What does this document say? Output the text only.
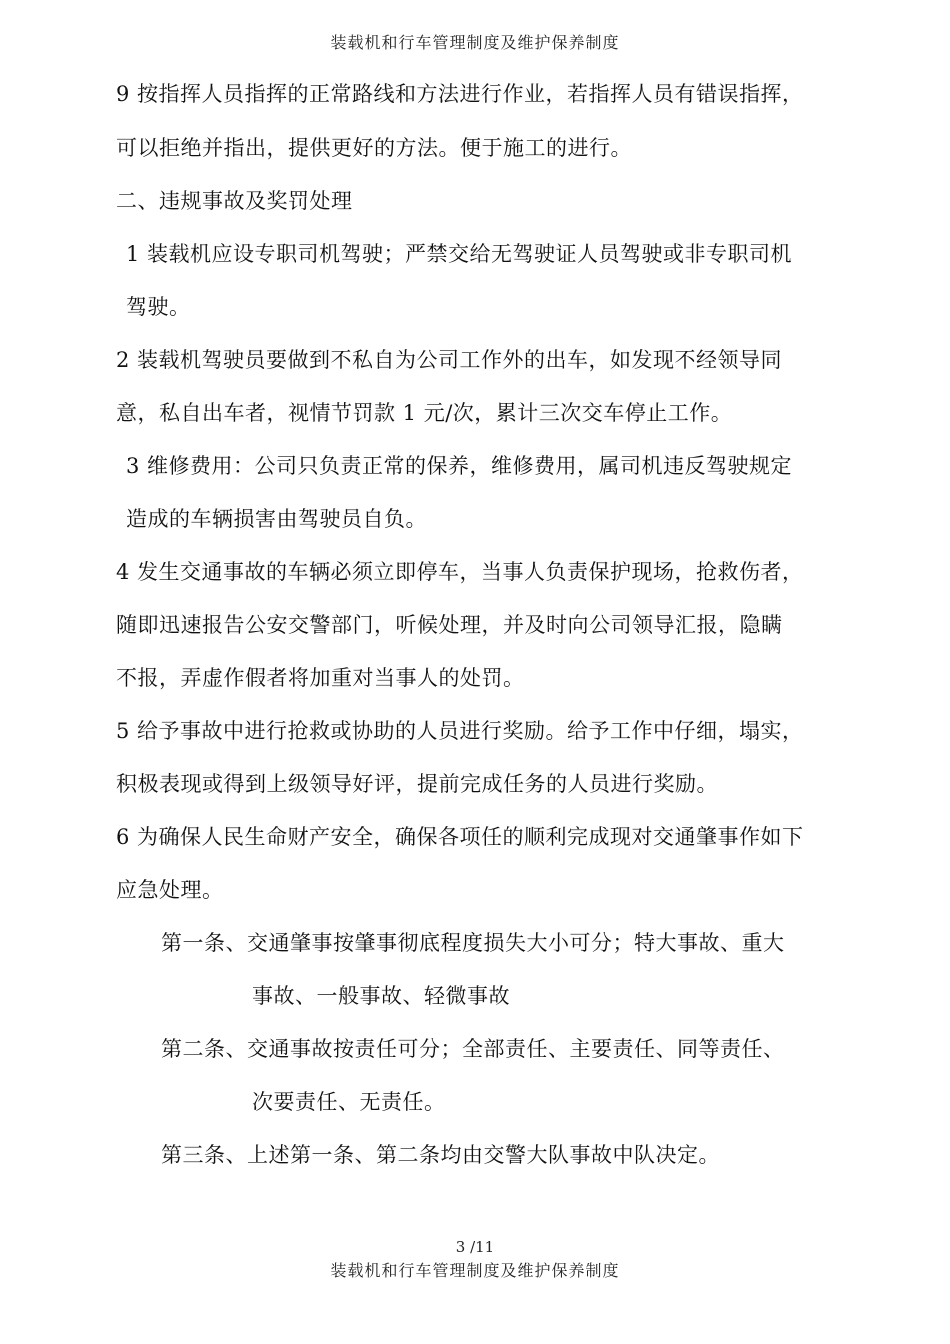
装载机和行车管理制度及维护保养制度
9 按指挥人员指挥的正常路线和方法进行作业，若指挥人员有错误指挥，
可以拒绝并指出，提供更好的方法。便于施工的进行。
二、违规事故及奖罚处理
1 装载机应设专职司机驾驶；严禁交给无驾驶证人员驾驶或非专职司机
驾驶。
2 装载机驾驶员要做到不私自为公司工作外的出车，如发现不经领导同
意，私自出车者，视情节罚款 1 元/次，累计三次交车停止工作。
3 维修费用：公司只负责正常的保养，维修费用，属司机违反驾驶规定
造成的车辆损害由驾驶员自负。
4 发生交通事故的车辆必须立即停车，当事人负责保护现场，抢救伤者，
随即迅速报告公安交警部门，听候处理，并及时向公司领导汇报，隐瞒
不报，弄虚作假者将加重对当事人的处罚。
5 给予事故中进行抢救或协助的人员进行奖励。给予工作中仔细，塌实，
积极表现或得到上级领导好评，提前完成任务的人员进行奖励。
6 为确保人民生命财产安全，确保各项任的顺利完成现对交通肇事作如下
应急处理。
第一条、交通肇事按肇事彻底程度损失大小可分；特大事故、重大
事故、一般事故、轻微事故
第二条、交通事故按责任可分；全部责任、主要责任、同等责任、
次要责任、无责任。
第三条、上述第一条、第二条均由交警大队事故中队决定。
3 /11
装载机和行车管理制度及维护保养制度
